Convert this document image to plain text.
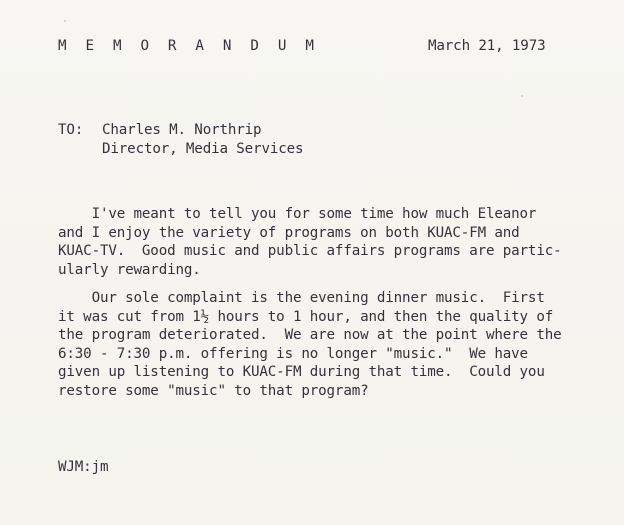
M E M O R A N D U M	March 21, 1973
TO: Charles M. Northrip
Director, Media Services
I've meant to tell you for some time how much Eleanor
and I enjoy the variety of programs on both KUAC-FM and
KUAC-TV.  Good music and public affairs programs are partic-
ularly rewarding.
Our sole complaint is the evening dinner music.  First
it was cut from 1½ hours to 1 hour, and then the quality of
the program deteriorated.  We are now at the point where the
6:30 - 7:30 p.m. offering is no longer "music."  We have
given up listening to KUAC-FM during that time.  Could you
restore some "music" to that program?
WJM:jm
